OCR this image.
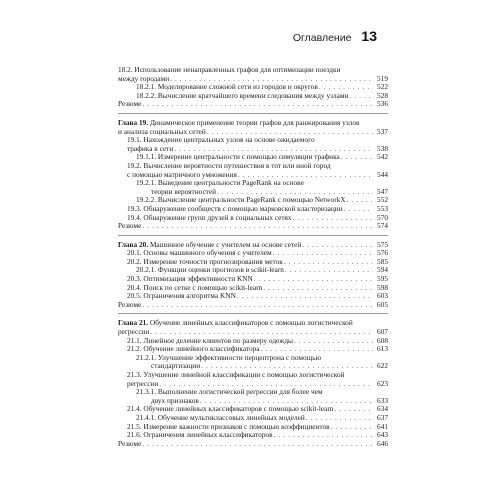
Оглавление 13
18.2. Использование ненаправленных графов для оптимизации поездки
между городами . . .	519
18.2.1. Моделирование сложной сети из городов и округов . . .	522
18.2.2. Вычисление кратчайшего времени следования между узлами . . .	528
Резюме . . .	536
Глава 19. Динамическое применение теории графов для ранжирования узлов
и анализа социальных сетей . . .	537
19.1. Нахождение центральных узлов на основе ожидаемого
трафика в сети . . .	538
19.1.1. Измерение центральности с помощью симуляции трафика . . .	542
19.2. Вычисление вероятности путешествия в тот или иной город
с помощью матричного умножения . . .	544
19.2.1. Выведение центральности PageRank на основе
теории вероятностей . . .	547
19.2.2. Вычисление центральности PageRank с помощью NetworkX . . .	552
19.3. Обнаружение сообществ с помощью марковской кластеризации . . .	553
19.4. Обнаружение групп друзей в социальных сетях . . .	570
Резюме . . .	574
Глава 20. Машинное обучение с учителем на основе сетей . . .	575
20.1. Основы машинного обучения с учителем . . .	576
20.2. Измерение точности прогнозирования меток . . .	585
20.2.1. Функции оценки прогнозов в scikit-learn . . .	594
20.3. Оптимизация эффективности KNN . . .	595
20.4. Поиск по сетке с помощью scikit-learn . . .	598
20.5. Ограничения алгоритма KNN . . .	603
Резюме . . .	605
Глава 21. Обучение линейных классификаторов с помощью логистической
регрессии . . .	607
21.1. Линейное деление клиентов по размеру одежды . . .	608
21.2. Обучение линейного классификатора . . .	613
21.2.1. Улучшение эффективности перцептрона с помощью
стандартизации . . .	622
21.3. Улучшение линейной классификации с помощью логистической
регрессии . . .	623
21.3.1. Выполнение логистической регрессии для более чем
двух признаков . . .	633
21.4. Обучение линейных классификаторов с помощью scikit-learn . . .	634
21.4.1. Обучение мультиклассовых линейных моделей . . .	637
21.5. Измерение важности признаков с помощью коэффициентов . . .	641
21.6. Ограничения линейных классификаторов . . .	643
Резюме . . .	646
